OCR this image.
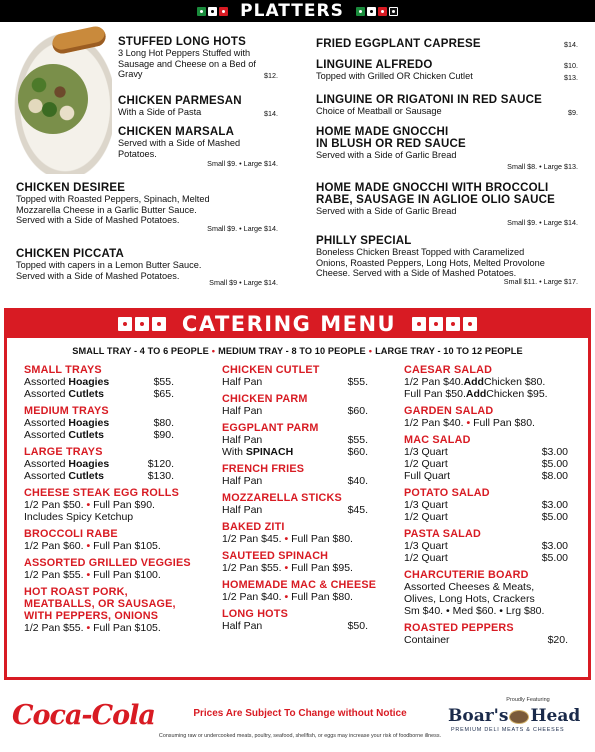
PLATTERS
STUFFED LONG HOTS
3 Long Hot Peppers Stuffed with
Sausage and Cheese on a Bed of
Gravy	$12.
CHICKEN PARMESAN
With a Side of Pasta	$14.
CHICKEN MARSALA
Served with a Side of Mashed
Potatoes.
Small $9. • Large $14.
CHICKEN DESIREE
Topped with Roasted Peppers, Spinach, Melted
Mozzarella Cheese in a Garlic Butter Sauce.
Served with a Side of Mashed Potatoes.
Small $9. • Large $14.
CHICKEN PICCATA
Topped with capers in a Lemon Butter Sauce.
Served with a Side of Mashed Potatoes.
Small $9 • Large $14.
FRIED EGGPLANT CAPRESE	$14.
LINGUINE ALFREDO	$10.
Topped with Grilled OR Chicken Cutlet	$13.
LINGUINE OR RIGATONI IN RED SAUCE
Choice of Meatball or Sausage	$9.
HOME MADE GNOCCHI
IN BLUSH OR RED SAUCE
Served with a Side of Garlic Bread
Small $8. • Large $13.
HOME MADE GNOCCHI WITH BROCCOLI
RABE, SAUSAGE IN AGLIOE OLIO SAUCE
Served with a Side of Garlic Bread
Small $9. • Large $14.
PHILLY SPECIAL
Boneless Chicken Breast Topped with Caramelized
Onions, Roasted Peppers, Long Hots, Melted Provolone
Cheese. Served with a Side of Mashed Potatoes.
Small $11. • Large $17.
CATERING MENU
SMALL TRAY - 4 TO 6 PEOPLE • MEDIUM TRAY - 8 TO 10 PEOPLE • LARGE TRAY - 10 TO 12 PEOPLE
SMALL TRAYS
Assorted Hoagies	$55.
Assorted Cutlets	$65.
MEDIUM TRAYS
Assorted Hoagies	$80.
Assorted Cutlets	$90.
LARGE TRAYS
Assorted Hoagies	$120.
Assorted Cutlets	$130.
CHEESE STEAK EGG ROLLS
1/2 Pan $50.
•
Full Pan $90.
Includes Spicy Ketchup
BROCCOLI RABE
1/2 Pan $60.
•
Full Pan $105.
ASSORTED GRILLED VEGGIES
1/2 Pan $55.
•
Full Pan $100.
HOT ROAST PORK,
MEATBALLS, OR SAUSAGE,
WITH PEPPERS, ONIONS
1/2 Pan $55.
•
Full Pan $105.
CHICKEN CUTLET
Half Pan	$55.
CHICKEN PARM
Half Pan	$60.
EGGPLANT PARM
Half Pan	$55.
With SPINACH	$60.
FRENCH FRIES
Half Pan	$40.
MOZZARELLA STICKS
Half Pan	$45.
BAKED ZITI
1/2 Pan $45.
•
Full Pan $80.
SAUTEED SPINACH
1/2 Pan $55.
•
Full Pan $95.
HOMEMADE MAC & CHEESE
1/2 Pan $40.
•
Full Pan $80.
LONG HOTS
Half Pan	$50.
CAESAR SALAD
1/2 Pan $40. Add Chicken $80.
Full Pan $50. Add Chicken $95.
GARDEN SALAD
1/2 Pan $40.
•
Full Pan $80.
MAC SALAD
1/3 Quart	$3.00
1/2 Quart	$5.00
Full Quart	$8.00
POTATO SALAD
1/3 Quart	$3.00
1/2 Quart	$5.00
PASTA SALAD
1/3 Quart	$3.00
1/2 Quart	$5.00
CHARCUTERIE BOARD
Assorted Cheeses & Meats,
Olives, Long Hots, Crackers
Sm $40. • Med $60. • Lrg $80.
ROASTED PEPPERS
Container	$20.
Coca-Cola	Prices Are Subject To Change without Notice
Consuming raw or undercooked meats, poultry, seafood, shellfish, or eggs may increase your risk of foodborne illness.
Proudly Featuring
Boar's Head
PREMIUM DELI MEATS & CHEESES
